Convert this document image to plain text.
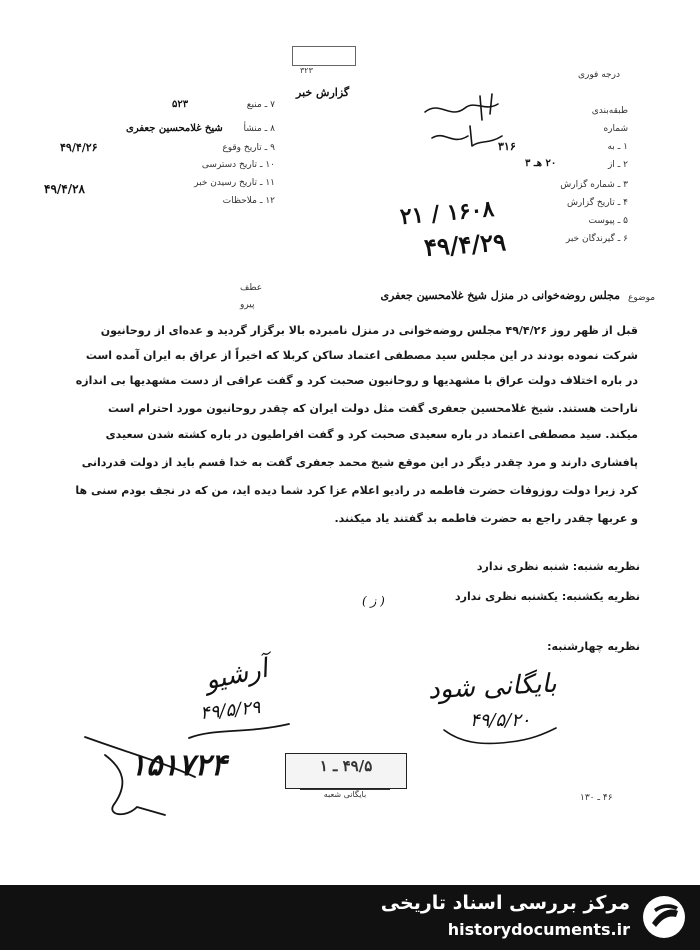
۳۲۳
گزارش خبر
درجه فوری
۷ ـ منبع
۵۲۳
۸ ـ منشأ
شیخ غلامحسین جعفری
۹ ـ تاریخ وقوع
۴۹/۴/۲۶
۱۰ ـ تاریخ دسترسی
۱۱ ـ تاریخ رسیدن خبر
۴۹/۴/۲۸
۱۲ ـ ملاحظات
طبقه‌بندی
شماره
۱ ـ به
۳۱۶
۲ ـ از
۲۰ هـ ۳
۳ ـ شماره گزارش
۴ ـ تاریخ گزارش
۵ ـ پیوست
۶ ـ گیرندگان خبر
۱۶۰۸ / ۲۱
۴۹/۴/۲۹
عطف
پیرو
موضوع
مجلس روضه‌خوانی در منزل شیخ غلامحسین جعفری
قبل از ظهر روز ۴۹/۴/۲۶ مجلس روضه‌خوانی در منزل نامبرده بالا برگزار گردید و عده‌ای از روحانیون
شرکت نموده بودند در این مجلس سید مصطفی اعتماد ساکن کربلا که اخیراً از عراق به ایران آمده است
در باره اختلاف دولت عراق با مشهدیها و روحانیون صحبت کرد و گفت عراقی از دست مشهدیها بی اندازه
ناراحت هستند. شیخ غلامحسین جعفری گفت مثل دولت ایران که چقدر روحانیون مورد احترام است
میکند. سید مصطفی اعتماد در باره سعیدی صحبت کرد و گفت افراطیون در باره کشته شدن سعیدی
پافشاری دارند و مرد چقدر دیگر در این موقع شیخ محمد جعفری گفت به خدا قسم باید از دولت قدردانی
کرد زیرا دولت روزوفات حضرت فاطمه در رادیو اعلام عزا کرد شما دیده اید، من که در نجف بودم سنی ها
و عربها چقدر راجع به حضرت فاطمه بد گفتند یاد میکنند.
نظریه شنبه: شنبه نظری ندارد
نظریه یکشنبه: یکشنبه نظری ندارد
( ز )
نظریه چهارشنبه:
آرشیو
۴۹/۵/۲۹
۱۵۱۷۲۴	۴۹/۵ ـ ۱
بایگانی شعبه
بایگانی شود
۴۹/۵/۲۰
۴۶ ـ ۱۳۰
مرکز بررسی اسناد تاریخی
historydocuments.ir
